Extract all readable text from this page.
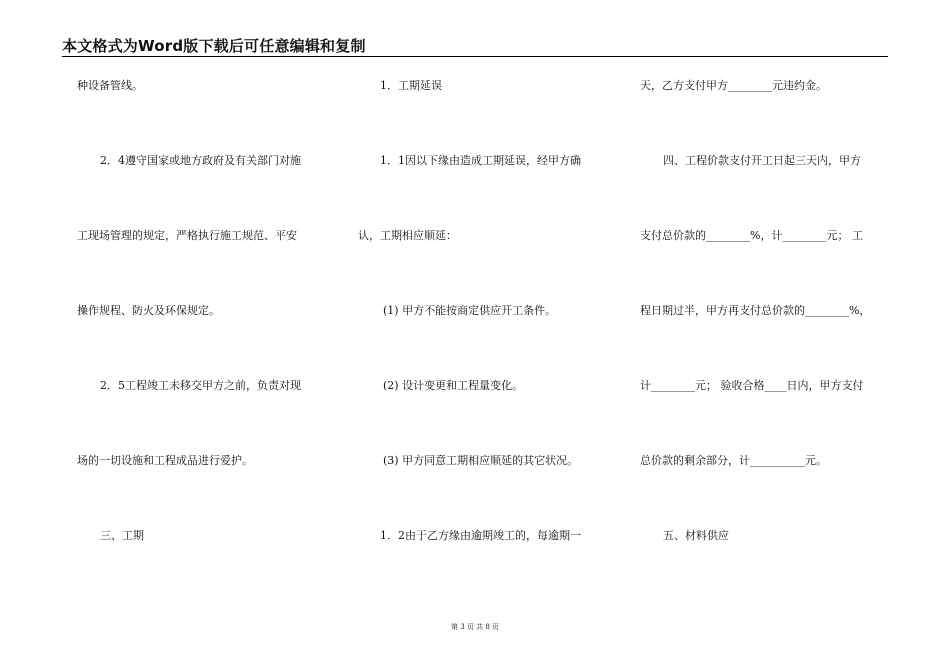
本文格式为Word版下载后可任意编辑和复制
种设备管线。
2．4遵守国家或地方政府及有关部门对施
工现场管理的规定，严格执行施工规范、平安
操作规程、防火及环保规定。
2．5工程竣工未移交甲方之前，负责对现
场的一切设施和工程成品进行爱护。
三、工期
1．工期延误
1．1因以下缘由造成工期延误，经甲方确
认，工期相应顺延：
(1) 甲方不能按商定供应开工条件。
(2) 设计变更和工程量变化。
(3) 甲方同意工期相应顺延的其它状况。
1．2由于乙方缘由逾期竣工的，每逾期一
天，乙方支付甲方________元违约金。
四、工程价款支付开工日起三天内，甲方
支付总价款的________%，计________元； 工
程日期过半，甲方再支付总价款的________%，
计________元； 验收合格____日内，甲方支付
总价款的剩余部分，计__________元。
五、材料供应
第 3 页 共 8 页
